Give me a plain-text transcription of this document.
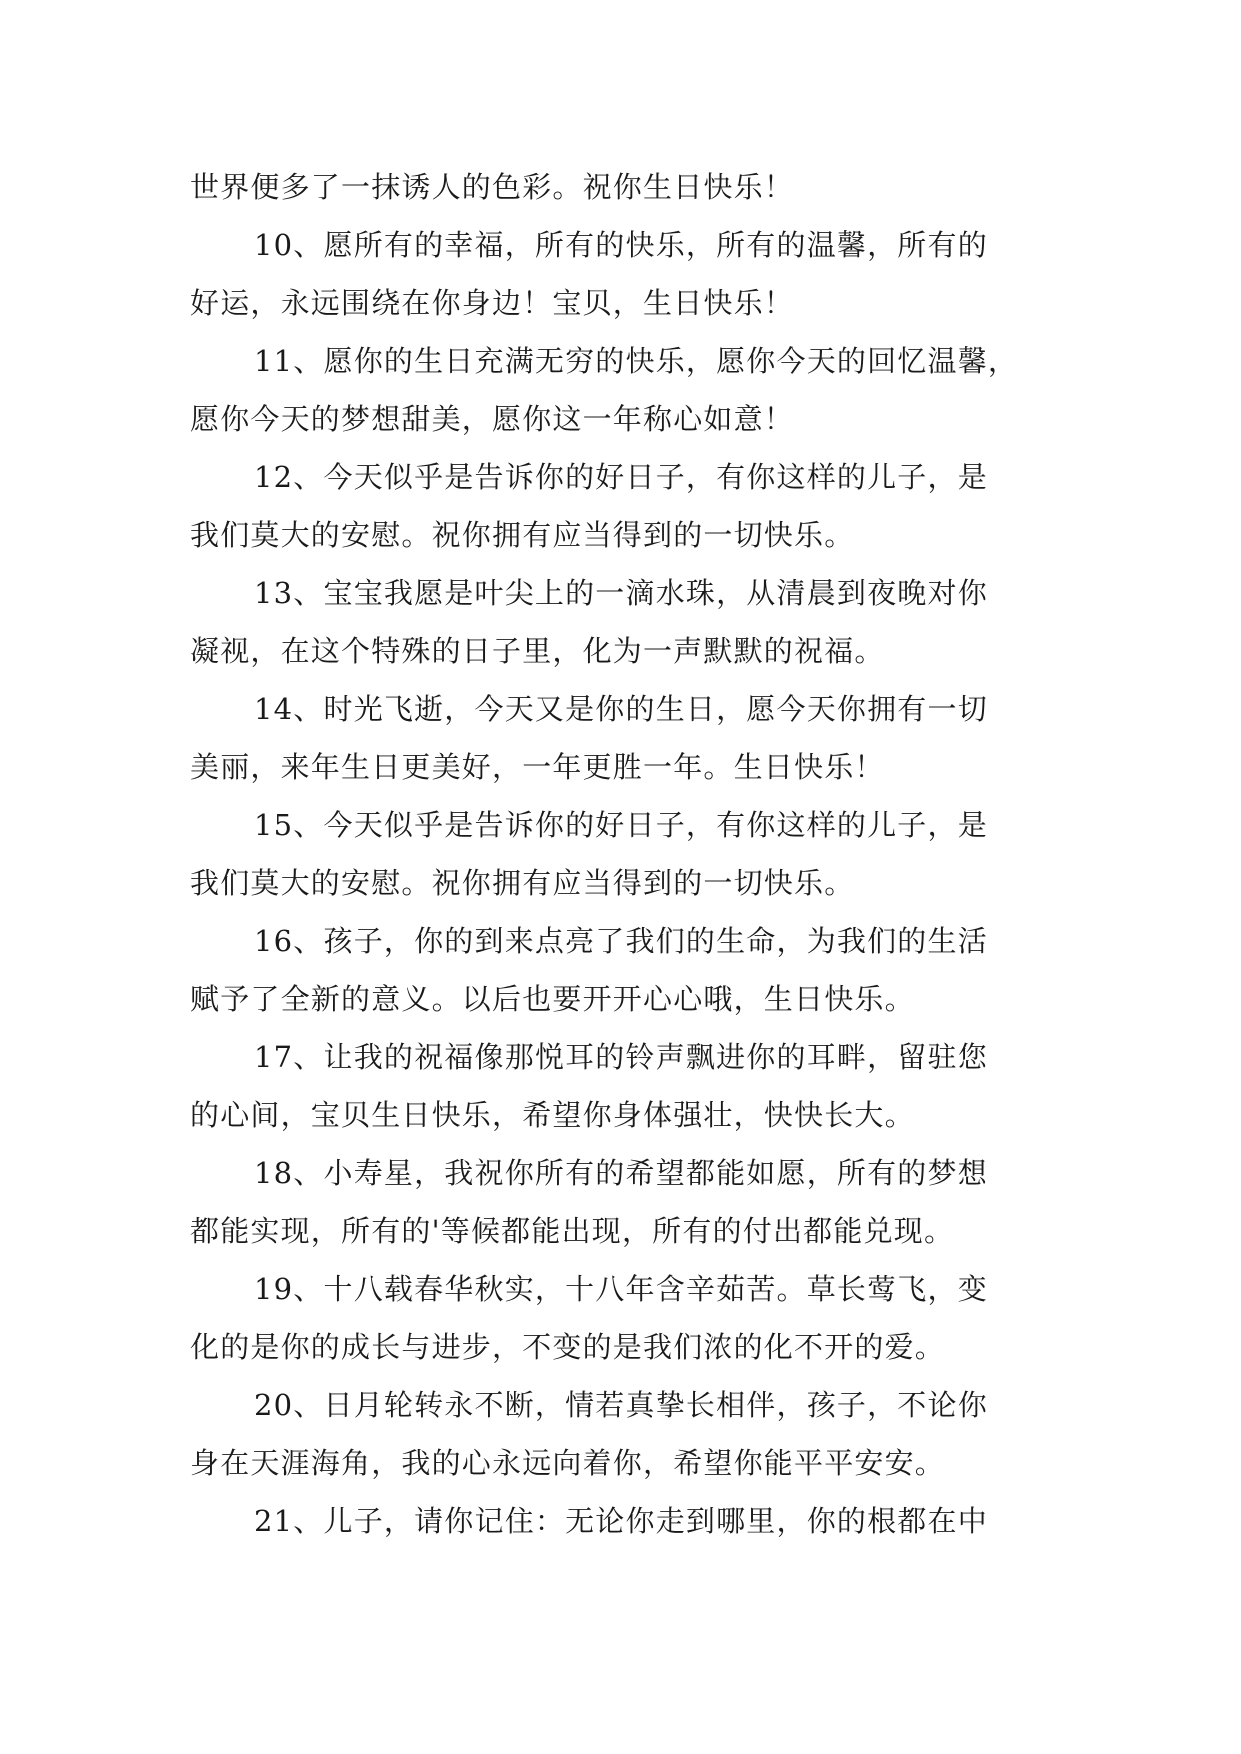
世界便多了一抹诱人的色彩。祝你生日快乐！
10、愿所有的幸福，所有的快乐，所有的温馨，所有的
好运，永远围绕在你身边！宝贝，生日快乐！
11、愿你的生日充满无穷的快乐，愿你今天的回忆温馨，
愿你今天的梦想甜美，愿你这一年称心如意！
12、今天似乎是告诉你的好日子，有你这样的儿子，是
我们莫大的安慰。祝你拥有应当得到的一切快乐。
13、宝宝我愿是叶尖上的一滴水珠，从清晨到夜晚对你
凝视，在这个特殊的日子里，化为一声默默的祝福。
14、时光飞逝，今天又是你的生日，愿今天你拥有一切
美丽，来年生日更美好，一年更胜一年。生日快乐！
15、今天似乎是告诉你的好日子，有你这样的儿子，是
我们莫大的安慰。祝你拥有应当得到的一切快乐。
16、孩子，你的到来点亮了我们的生命，为我们的生活
赋予了全新的意义。以后也要开开心心哦，生日快乐。
17、让我的祝福像那悦耳的铃声飘进你的耳畔，留驻您
的心间，宝贝生日快乐，希望你身体强壮，快快长大。
18、小寿星，我祝你所有的希望都能如愿，所有的梦想
都能实现，所有的'等候都能出现，所有的付出都能兑现。
19、十八载春华秋实，十八年含辛茹苦。草长莺飞，变
化的是你的成长与进步，不变的是我们浓的化不开的爱。
20、日月轮转永不断，情若真挚长相伴，孩子，不论你
身在天涯海角，我的心永远向着你，希望你能平平安安。
21、儿子，请你记住：无论你走到哪里，你的根都在中
